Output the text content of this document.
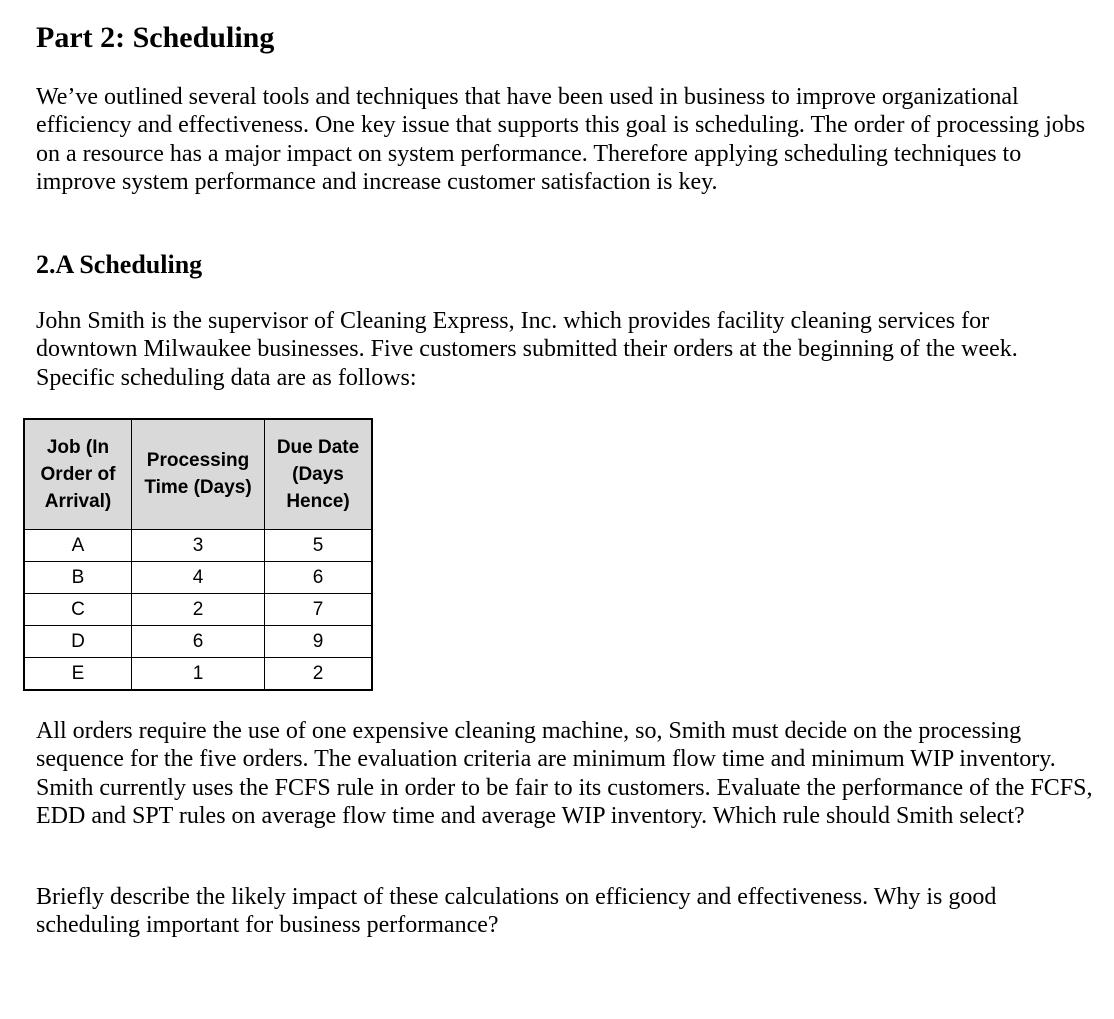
Part 2: Scheduling

We’ve outlined several tools and techniques that have been used in business to improve organizational efficiency and effectiveness. One key issue that supports this goal is scheduling. The order of processing jobs on a resource has a major impact on system performance. Therefore applying scheduling techniques to improve system performance and increase customer satisfaction is key.

2.A Scheduling

John Smith is the supervisor of Cleaning Express, Inc. which provides facility cleaning services for downtown Milwaukee businesses. Five customers submitted their orders at the beginning of the week. Specific scheduling data are as follows:

All orders require the use of one expensive cleaning machine, so, Smith must decide on the processing sequence for the five orders. The evaluation criteria are minimum flow time and minimum WIP inventory. Smith currently uses the FCFS rule in order to be fair to its customers. Evaluate the performance of the FCFS, EDD and SPT rules on average flow time and average WIP inventory. Which rule should Smith select?

Briefly describe the likely impact of these calculations on efficiency and effectiveness. Why is good scheduling important for business performance?

Job (In Order of Arrival)	Processing Time (Days)	Due Date (Days Hence)
A	3	5
B	4	6
C	2	7
D	6	9
E	1	2
